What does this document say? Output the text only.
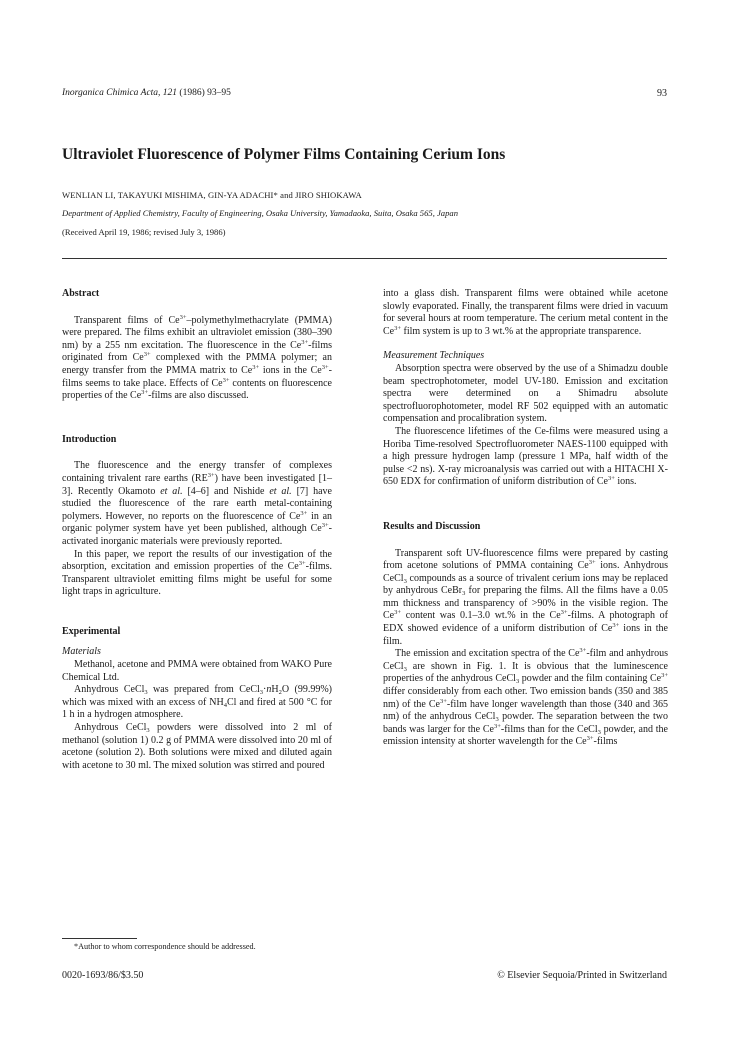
Inorganica Chimica Acta, 121 (1986) 93–95	93
Ultraviolet Fluorescence of Polymer Films Containing Cerium Ions
WENLIAN LI, TAKAYUKI MISHIMA, GIN-YA ADACHI* and JIRO SHIOKAWA
Department of Applied Chemistry, Faculty of Engineering, Osaka University, Yamadaoka, Suita, Osaka 565, Japan
(Received April 19, 1986; revised July 3, 1986)
Abstract

Transparent films of $Ce^{3+}$–polymethylmethacrylate (PMMA) were prepared. The films exhibit an ultraviolet emission (380–390 nm) by a 255 nm excitation. The fluorescence in the $Ce^{3+}$-films originated from $Ce^{3+}$ complexed with the PMMA polymer; an energy transfer from the PMMA matrix to $Ce^{3+}$ ions in the $Ce^{3+}$-films seems to take place. Effects of $Ce^{3+}$ contents on fluorescence properties of the $Ce^{3+}$-films are also discussed.

Introduction

The fluorescence and the energy transfer of complexes containing trivalent rare earths $(RE^{3+})$ have been investigated [1–3]. Recently Okamoto et al. [4–6] and Nishide et al. [7] have studied the fluorescence of the rare earth metal-containing polymers. However, no reports on the fluorescence of $Ce^{3+}$ in an organic polymer system have yet been published, although $Ce^{3+}$-activated inorganic materials were previously reported.

In this paper, we report the results of our investigation of the absorption, excitation and emission properties of the $Ce^{3+}$-films. Transparent ultraviolet emitting films might be useful for some light traps in agriculture.

Experimental
Materials

Methanol, acetone and PMMA were obtained from WAKO Pure Chemical Ltd.

Anhydrous CeCl$_3$ was prepared from $CeCl_3\cdot nH_2O$ (99.99%) which was mixed with an excess of $NH_4Cl$ and fired at 500 °C for 1 h in a hydrogen atmosphere.

Anhydrous CeCl$_3$ powders were dissolved into 2 ml of methanol (solution 1) 0.2 g of PMMA were dissolved into 20 ml of acetone (solution 2). Both solutions were mixed and diluted again with acetone to 30 ml. The mixed solution was stirred and poured

into a glass dish. Transparent films were obtained while acetone slowly evaporated. Finally, the transparent films were dried in vacuum for several hours at room temperature. The cerium metal content in the $Ce^{3+}$ film system is up to 3 wt.% at the appropriate transparence.

Measurement Techniques

Absorption spectra were observed by the use of a Shimadzu double beam spectrophotometer, model UV-180. Emission and excitation spectra were determined on a Shimadru absolute spectrofluorophotometer, model RF 502 equipped with an automatic compensation and procalibration system.

The fluorescence lifetimes of the Ce-films were measured using a Horiba Time-resolved Spectrofluorometer NAES-1100 equipped with a high pressure hydrogen lamp (pressure 1 MPa, half width of the pulse <2 ns). X-ray microanalysis was carried out with a HITACHI X-650 EDX for confirmation of uniform distribution of $Ce^{3+}$ ions.

Results and Discussion

Transparent soft UV-fluorescence films were prepared by casting from acetone solutions of PMMA containing $Ce^{3+}$ ions. Anhydrous CeCl$_3$ compounds as a source of trivalent cerium ions may be replaced by anhydrous CeBr$_3$ for preparing the films. All the films have a 0.05 mm thickness and transparency of >90% in the visible region. The $Ce^{3+}$ content was 0.1–3.0 wt.% in the $Ce^{3+}$-films. A photograph of EDX showed evidence of a uniform distribution of $Ce^{3+}$ ions in the film.

The emission and excitation spectra of the $Ce^{3+}$-film and anhydrous CeCl$_3$ are shown in Fig. 1. It is obvious that the luminescence properties of the anhydrous CeCl$_3$ powder and the film containing $Ce^{3+}$ differ considerably from each other. Two emission bands (350 and 385 nm) of the $Ce^{3+}$-film have longer wavelength than those (340 and 365 nm) of the anhydrous CeCl$_3$ powder. The separation between the two bands was larger for the $Ce^{3+}$-films than for the CeCl$_3$ powder, and the emission intensity at shorter wavelength for the $Ce^{3+}$-films

*Author to whom correspondence should be addressed.
0020-1693/86/$3.50	© Elsevier Sequoia/Printed in Switzerland
